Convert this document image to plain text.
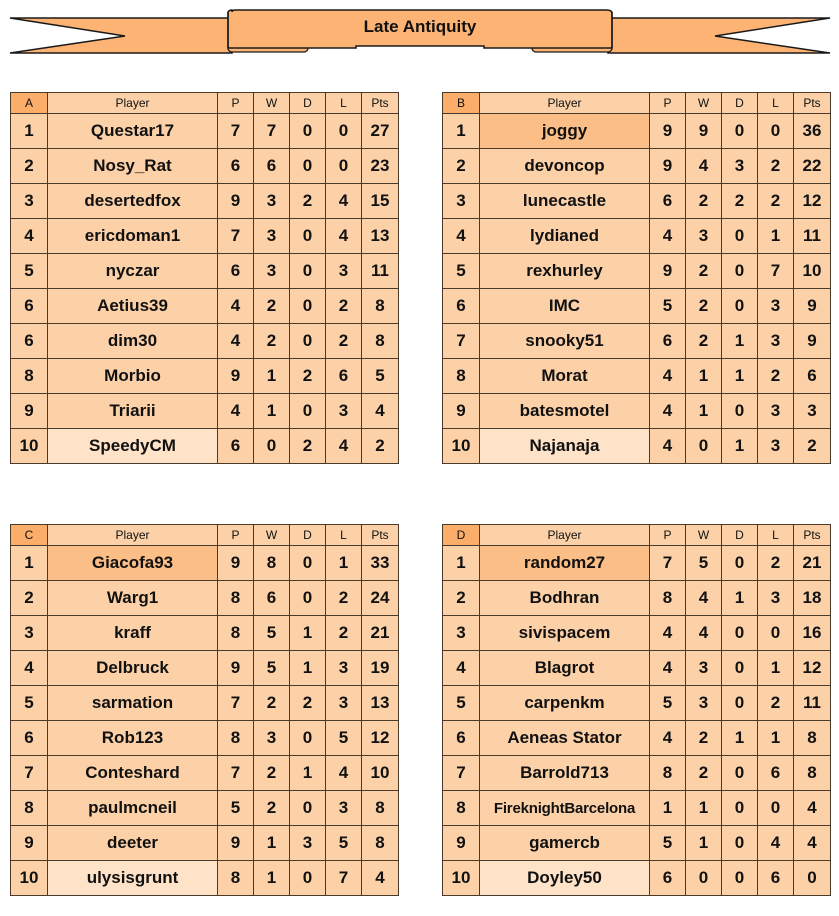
Late Antiquity
A	Player	P	W	D	L	Pts
1	Questar17	7	7	0	0	27
2	Nosy_Rat	6	6	0	0	23
3	desertedfox	9	3	2	4	15
4	ericdoman1	7	3	0	4	13
5	nyczar	6	3	0	3	11
6	Aetius39	4	2	0	2	8
6	dim30	4	2	0	2	8
8	Morbio	9	1	2	6	5
9	Triarii	4	1	0	3	4
10	SpeedyCM	6	0	2	4	2
B	Player	P	W	D	L	Pts
1	joggy	9	9	0	0	36
2	devoncop	9	4	3	2	22
3	lunecastle	6	2	2	2	12
4	lydianed	4	3	0	1	11
5	rexhurley	9	2	0	7	10
6	IMC	5	2	0	3	9
7	snooky51	6	2	1	3	9
8	Morat	4	1	1	2	6
9	batesmotel	4	1	0	3	3
10	Najanaja	4	0	1	3	2
C	Player	P	W	D	L	Pts
1	Giacofa93	9	8	0	1	33
2	Warg1	8	6	0	2	24
3	kraff	8	5	1	2	21
4	Delbruck	9	5	1	3	19
5	sarmation	7	2	2	3	13
6	Rob123	8	3	0	5	12
7	Conteshard	7	2	1	4	10
8	paulmcneil	5	2	0	3	8
9	deeter	9	1	3	5	8
10	ulysisgrunt	8	1	0	7	4
D	Player	P	W	D	L	Pts
1	random27	7	5	0	2	21
2	Bodhran	8	4	1	3	18
3	sivispacem	4	4	0	0	16
4	Blagrot	4	3	0	1	12
5	carpenkm	5	3	0	2	11
6	Aeneas Stator	4	2	1	1	8
7	Barrold713	8	2	0	6	8
8	FireknightBarcelona	1	1	0	0	4
9	gamercb	5	1	0	4	4
10	Doyley50	6	0	0	6	0
